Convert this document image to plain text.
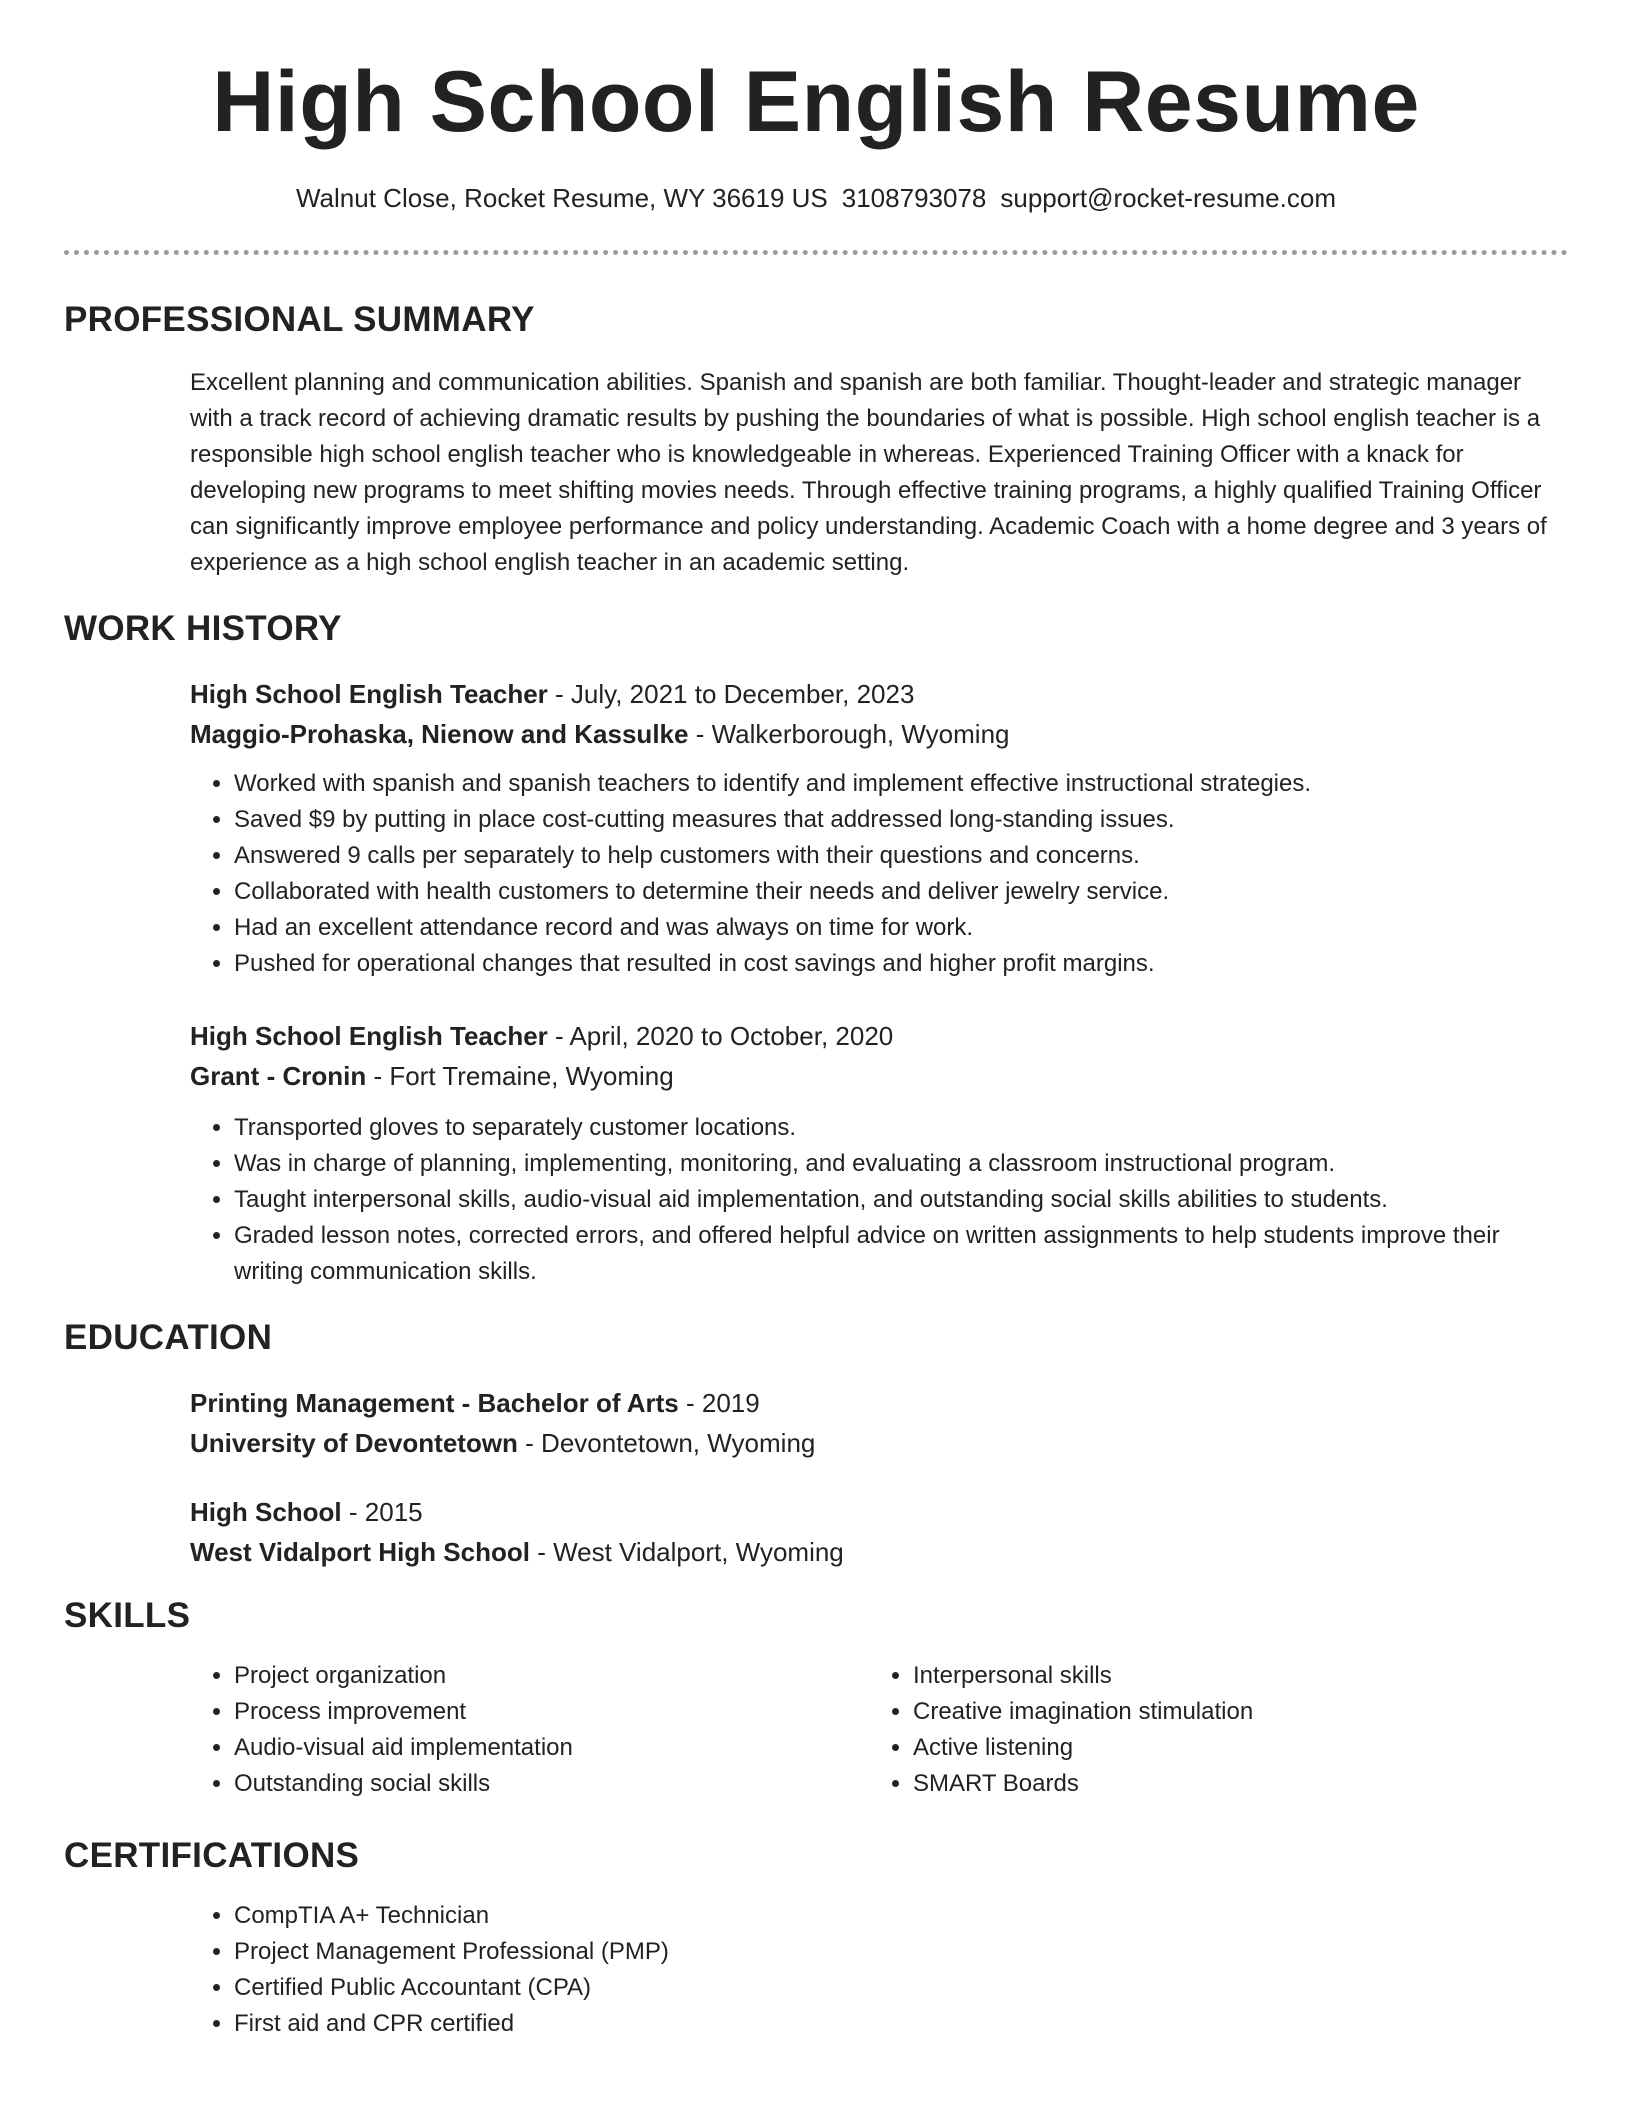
High School English Resume
Walnut Close, Rocket Resume, WY 36619 US 3108793078 support@rocket-resume.com
PROFESSIONAL SUMMARY
Excellent planning and communication abilities. Spanish and spanish are both familiar. Thought-leader and strategic manager with a track record of achieving dramatic results by pushing the boundaries of what is possible. High school english teacher is a responsible high school english teacher who is knowledgeable in whereas. Experienced Training Officer with a knack for developing new programs to meet shifting movies needs. Through effective training programs, a highly qualified Training Officer can significantly improve employee performance and policy understanding. Academic Coach with a home degree and 3 years of experience as a high school english teacher in an academic setting.
WORK HISTORY
High School English Teacher - July, 2021 to December, 2023
Maggio-Prohaska, Nienow and Kassulke - Walkerborough, Wyoming
• Worked with spanish and spanish teachers to identify and implement effective instructional strategies.
• Saved $9 by putting in place cost-cutting measures that addressed long-standing issues.
• Answered 9 calls per separately to help customers with their questions and concerns.
• Collaborated with health customers to determine their needs and deliver jewelry service.
• Had an excellent attendance record and was always on time for work.
• Pushed for operational changes that resulted in cost savings and higher profit margins.
High School English Teacher - April, 2020 to October, 2020
Grant - Cronin - Fort Tremaine, Wyoming
• Transported gloves to separately customer locations.
• Was in charge of planning, implementing, monitoring, and evaluating a classroom instructional program.
• Taught interpersonal skills, audio-visual aid implementation, and outstanding social skills abilities to students.
• Graded lesson notes, corrected errors, and offered helpful advice on written assignments to help students improve their writing communication skills.
EDUCATION
Printing Management - Bachelor of Arts - 2019
University of Devontetown - Devontetown, Wyoming
High School - 2015
West Vidalport High School - West Vidalport, Wyoming
SKILLS
• Project organization
• Process improvement
• Audio-visual aid implementation
• Outstanding social skills
• Interpersonal skills
• Creative imagination stimulation
• Active listening
• SMART Boards
CERTIFICATIONS
• CompTIA A+ Technician
• Project Management Professional (PMP)
• Certified Public Accountant (CPA)
• First aid and CPR certified
